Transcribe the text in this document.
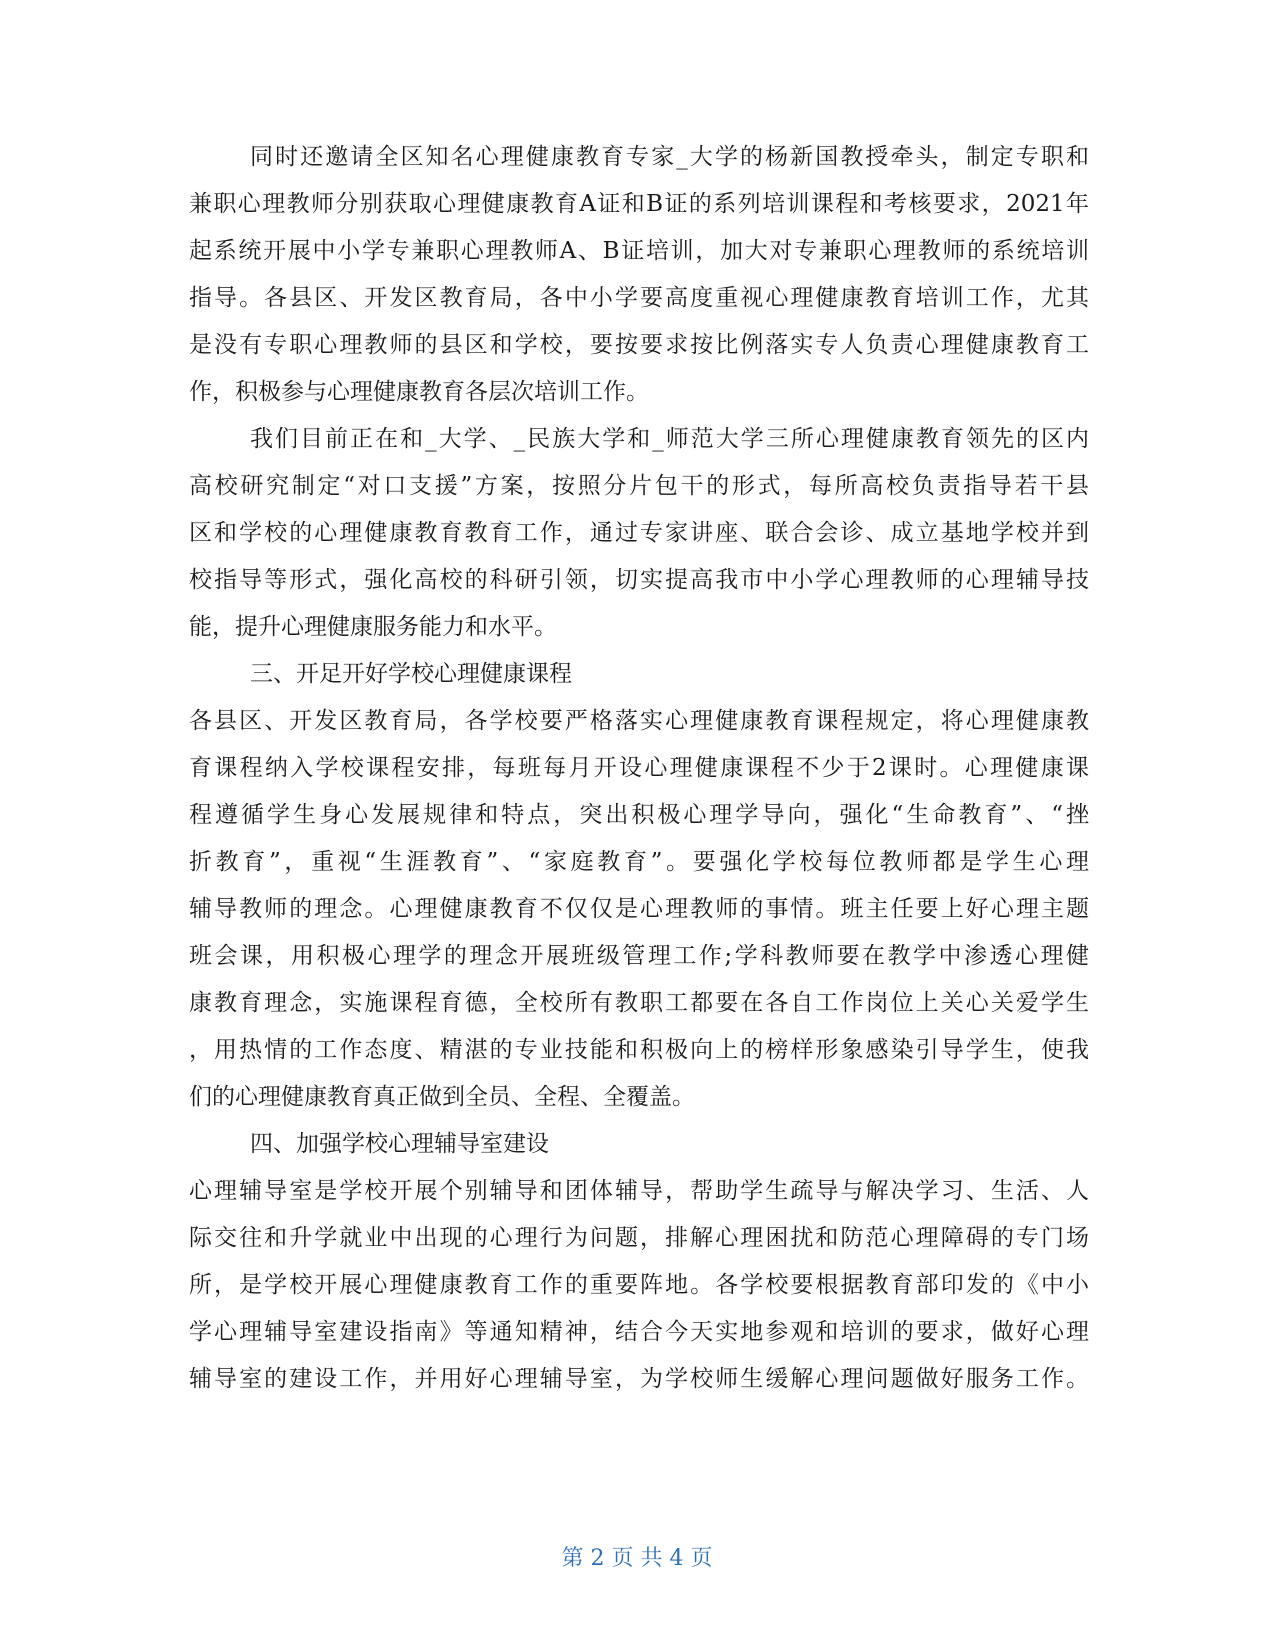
同时还邀请全区知名心理健康教育专家_大学的杨新国教授牵头，制定专职和
兼职心理教师分别获取心理健康教育A证和B证的系列培训课程和考核要求，2021年
起系统开展中小学专兼职心理教师A、B证培训，加大对专兼职心理教师的系统培训
指导。各县区、开发区教育局，各中小学要高度重视心理健康教育培训工作，尤其
是没有专职心理教师的县区和学校，要按要求按比例落实专人负责心理健康教育工
作，积极参与心理健康教育各层次培训工作。
我们目前正在和_大学、_民族大学和_师范大学三所心理健康教育领先的区内
高校研究制定“对口支援”方案，按照分片包干的形式，每所高校负责指导若干县
区和学校的心理健康教育教育工作，通过专家讲座、联合会诊、成立基地学校并到
校指导等形式，强化高校的科研引领，切实提高我市中小学心理教师的心理辅导技
能，提升心理健康服务能力和水平。
三、开足开好学校心理健康课程
各县区、开发区教育局，各学校要严格落实心理健康教育课程规定，将心理健康教
育课程纳入学校课程安排，每班每月开设心理健康课程不少于2课时。心理健康课
程遵循学生身心发展规律和特点，突出积极心理学导向，强化“生命教育”、“挫
折教育”，重视“生涯教育”、“家庭教育”。要强化学校每位教师都是学生心理
辅导教师的理念。心理健康教育不仅仅是心理教师的事情。班主任要上好心理主题
班会课，用积极心理学的理念开展班级管理工作;学科教师要在教学中渗透心理健
康教育理念，实施课程育德，全校所有教职工都要在各自工作岗位上关心关爱学生
，用热情的工作态度、精湛的专业技能和积极向上的榜样形象感染引导学生，使我
们的心理健康教育真正做到全员、全程、全覆盖。
四、加强学校心理辅导室建设
心理辅导室是学校开展个别辅导和团体辅导，帮助学生疏导与解决学习、生活、人
际交往和升学就业中出现的心理行为问题，排解心理困扰和防范心理障碍的专门场
所，是学校开展心理健康教育工作的重要阵地。各学校要根据教育部印发的《中小
学心理辅导室建设指南》等通知精神，结合今天实地参观和培训的要求，做好心理
辅导室的建设工作，并用好心理辅导室，为学校师生缓解心理问题做好服务工作。
第 2 页 共 4 页
